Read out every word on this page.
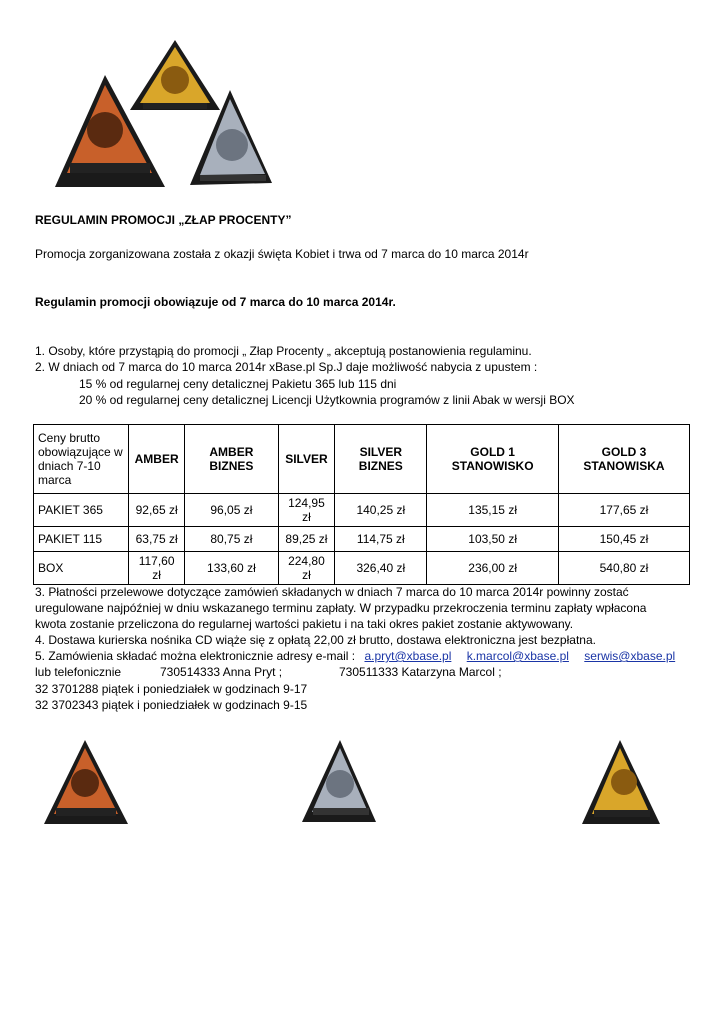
REGULAMIN PROMOCJI „ZŁAP PROCENTY”
Promocja zorganizowana została z okazji święta Kobiet i trwa od 7 marca do 10 marca 2014r
Regulamin promocji obowiązuje od 7 marca do 10 marca 2014r.
1. Osoby, które przystąpią do promocji „ Złap Procenty „ akceptują postanowienia regulaminu.
2. W dniach od 7 marca do 10 marca 2014r xBase.pl Sp.J daje możliwość nabycia z upustem :
15 % od regularnej ceny detalicznej Pakietu 365 lub 115 dni
20 % od regularnej ceny detalicznej Licencji Użytkownia programów z linii Abak w wersji BOX
Ceny brutto obowiązujące w dniach 7-10 marca	AMBER	AMBER BIZNES	SILVER	SILVER BIZNES	GOLD 1 STANOWISKO	GOLD 3 STANOWISKA
PAKIET 365	92,65 zł	96,05 zł	124,95 zł	140,25 zł	135,15 zł	177,65 zł
PAKIET 115	63,75 zł	80,75 zł	89,25 zł	114,75 zł	103,50 zł	150,45 zł
BOX	117,60 zł	133,60 zł	224,80 zł	326,40 zł	236,00 zł	540,80 zł
3. Płatności przelewowe dotyczące zamówień składanych w dniach 7 marca do 10 marca 2014r powinny zostać
uregulowane najpóźniej w dniu wskazanego terminu zapłaty. W przypadku przekroczenia terminu zapłaty wpłacona
kwota zostanie przeliczona do regularnej wartości pakietu i na taki okres pakiet zostanie aktywowany.
4. Dostawa kurierska nośnika CD wiąże się z opłatą 22,00 zł brutto, dostawa elektroniczna jest bezpłatna.
5. Zamówienia składać można elektronicznie adresy e-mail : a.pryt@xbase.pl k.marcol@xbase.pl serwis@xbase.pl
lub telefonicznie	730514333 Anna Pryt ;	730511333 Katarzyna Marcol ;
32 3701288 piątek i poniedziałek w godzinach 9-17
32 3702343 piątek i poniedziałek w godzinach 9-15
